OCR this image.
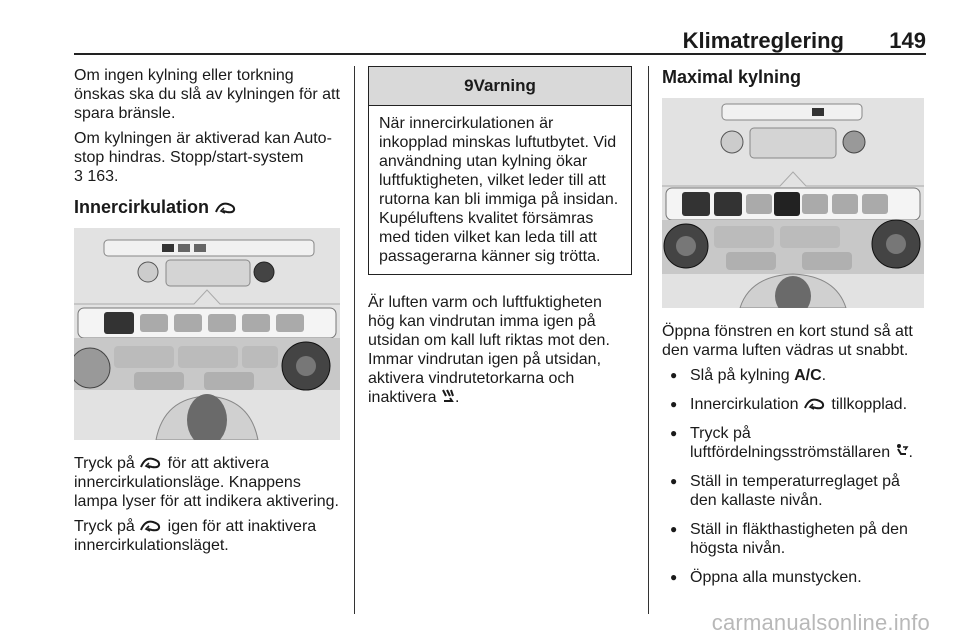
Klimatreglering 149

Om ingen kylning eller torkning önskas ska du slå av kylningen för att spara bränsle.

Om kylningen är aktiverad kan Auto-stop hindras. Stopp/start-system
3 163.

Innercirkulation

Tryck på för att aktivera innercirkulationsläge. Knappens lampa lyser för att indikera aktivering.

Tryck på igen för att inaktivera innercirkulationsläget.

9Varning
När innercirkulationen är inkopplad minskas luftutbytet. Vid användning utan kylning ökar luftfuktigheten, vilket leder till att rutorna kan bli immiga på insidan. Kupéluftens kvalitet försämras med tiden vilket kan leda till att passagerarna känner sig trötta.

Är luften varm och luftfuktigheten hög kan vindrutan imma igen på utsidan om kall luft riktas mot den. Immar vindrutan igen på utsidan, aktivera vindrutetorkarna och inaktivera .

Maximal kylning

Öppna fönstren en kort stund så att den varma luften vädras ut snabbt.

● Slå på kylning A/C.
● Innercirkulation tillkopplad.
● Tryck på luftfördelningsströmställaren .
● Ställ in temperaturreglaget på den kallaste nivån.
● Ställ in fläkthastigheten på den högsta nivån.
● Öppna alla munstycken.
carmanualsonline.info
